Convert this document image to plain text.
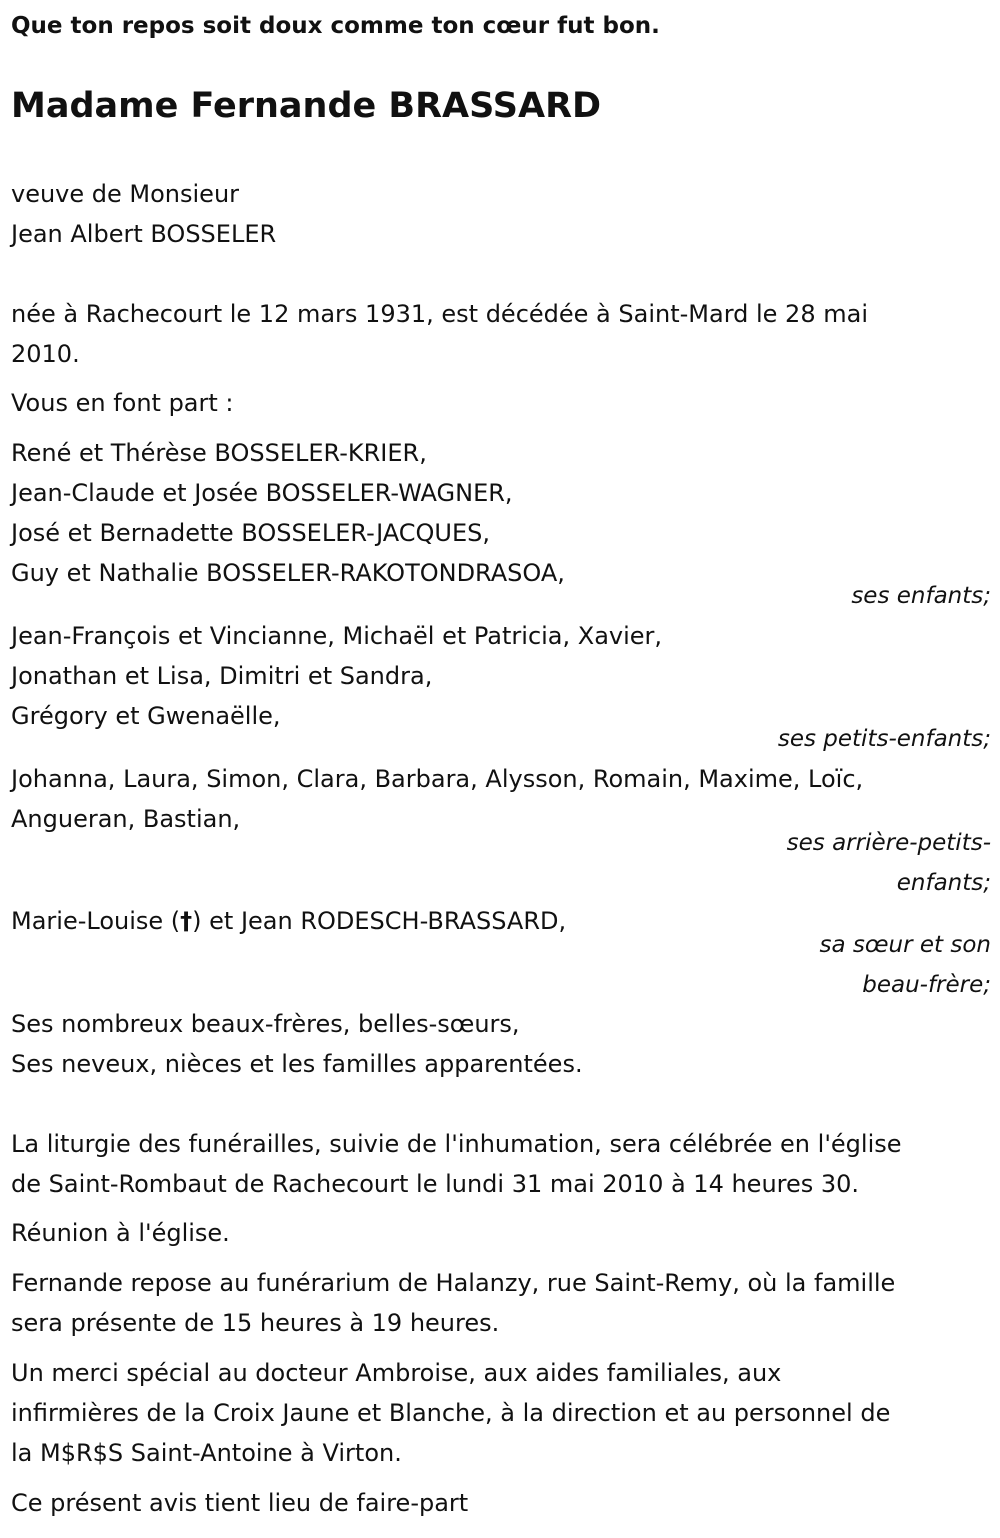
Que ton repos soit doux comme ton cœur fut bon.
Madame Fernande BRASSARD
veuve de Monsieur
Jean Albert BOSSELER
née à Rachecourt le 12 mars 1931, est décédée à Saint-Mard le 28 mai
2010.
Vous en font part :
René et Thérèse BOSSELER-KRIER,
Jean-Claude et Josée BOSSELER-WAGNER,
José et Bernadette BOSSELER-JACQUES,
Guy et Nathalie BOSSELER-RAKOTONDRASOA,
ses enfants;
Jean-François et Vincianne, Michaël et Patricia, Xavier,
Jonathan et Lisa, Dimitri et Sandra,
Grégory et Gwenaëlle,
ses petits-enfants;
Johanna, Laura, Simon, Clara, Barbara, Alysson, Romain, Maxime, Loïc,
Angueran, Bastian,
ses arrière-petits-
enfants;
Marie-Louise (†) et Jean RODESCH-BRASSARD,
sa sœur et son
beau-frère;
Ses nombreux beaux-frères, belles-sœurs,
Ses neveux, nièces et les familles apparentées.
La liturgie des funérailles, suivie de l'inhumation, sera célébrée en l'église
de Saint-Rombaut de Rachecourt le lundi 31 mai 2010 à 14 heures 30.
Réunion à l'église.
Fernande repose au funérarium de Halanzy, rue Saint-Remy, où la famille
sera présente de 15 heures à 19 heures.
Un merci spécial au docteur Ambroise, aux aides familiales, aux
infirmières de la Croix Jaune et Blanche, à la direction et au personnel de
la M$R$S Saint-Antoine à Virton.
Ce présent avis tient lieu de faire-part
